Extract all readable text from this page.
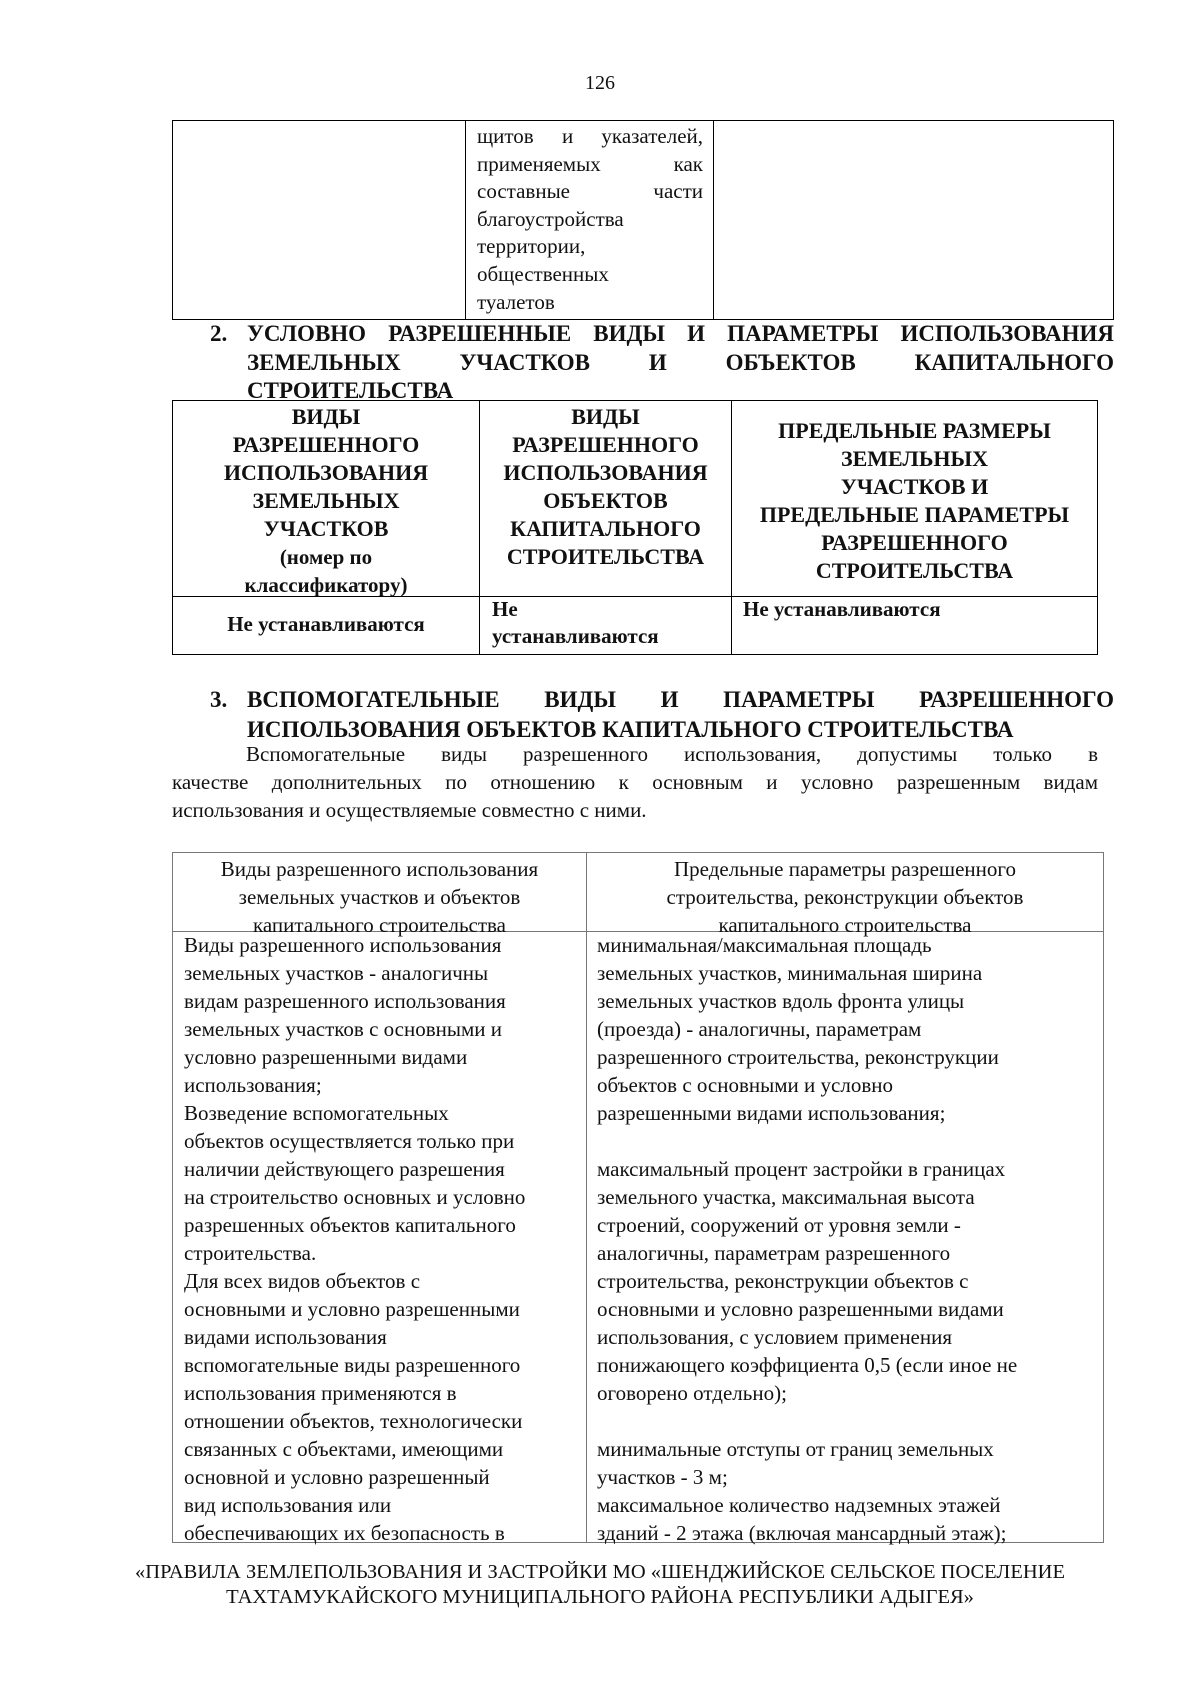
126
щитов и указателей,
применяемых как
составные части
благоустройства
территории,
общественных
туалетов
2. УСЛОВНО РАЗРЕШЕННЫЕ ВИДЫ И ПАРАМЕТРЫ ИСПОЛЬЗОВАНИЯ
ЗЕМЕЛЬНЫХ УЧАСТКОВ И ОБЪЕКТОВ КАПИТАЛЬНОГО
СТРОИТЕЛЬСТВА
ВИДЫ
РАЗРЕШЕННОГО
ИСПОЛЬЗОВАНИЯ
ЗЕМЕЛЬНЫХ
УЧАСТКОВ
(номер по
классификатору)
ВИДЫ
РАЗРЕШЕННОГО
ИСПОЛЬЗОВАНИЯ
ОБЪЕКТОВ
КАПИТАЛЬНОГО
СТРОИТЕЛЬСТВА
ПРЕДЕЛЬНЫЕ РАЗМЕРЫ
ЗЕМЕЛЬНЫХ
УЧАСТКОВ И
ПРЕДЕЛЬНЫЕ ПАРАМЕТРЫ
РАЗРЕШЕННОГО
СТРОИТЕЛЬСТВА
Не устанавливаются
Не
устанавливаются
Не устанавливаются
3. ВСПОМОГАТЕЛЬНЫЕ ВИДЫ И ПАРАМЕТРЫ РАЗРЕШЕННОГО
ИСПОЛЬЗОВАНИЯ ОБЪЕКТОВ КАПИТАЛЬНОГО СТРОИТЕЛЬСТВА
Вспомогательные виды разрешенного использования, допустимы только в
качестве дополнительных по отношению к основным и условно разрешенным видам
использования и осуществляемые совместно с ними.
Виды разрешенного использования
земельных участков и объектов
капитального строительства
Предельные параметры разрешенного
строительства, реконструкции объектов
капитального строительства
Виды разрешенного использования
земельных участков - аналогичны
видам разрешенного использования
земельных участков с основными и
условно разрешенными видами
использования;
Возведение вспомогательных
объектов осуществляется только при
наличии действующего разрешения
на строительство основных и условно
разрешенных объектов капитального
строительства.
Для всех видов объектов с
основными и условно разрешенными
видами использования
вспомогательные виды разрешенного
использования применяются в
отношении объектов, технологически
связанных с объектами, имеющими
основной и условно разрешенный
вид использования или
обеспечивающих их безопасность в
минимальная/максимальная площадь
земельных участков, минимальная ширина
земельных участков вдоль фронта улицы
(проезда) - аналогичны, параметрам
разрешенного строительства, реконструкции
объектов с основными и условно
разрешенными видами использования;
максимальный процент застройки в границах
земельного участка, максимальная высота
строений, сооружений от уровня земли -
аналогичны, параметрам разрешенного
строительства, реконструкции объектов с
основными и условно разрешенными видами
использования, с условием применения
понижающего коэффициента 0,5 (если иное не
оговорено отдельно);
минимальные отступы от границ земельных
участков - 3 м;
максимальное количество надземных этажей
зданий - 2 этажа (включая мансардный этаж);
«ПРАВИЛА ЗЕМЛЕПОЛЬЗОВАНИЯ И ЗАСТРОЙКИ МО «ШЕНДЖИЙСКОЕ СЕЛЬСКОЕ ПОСЕЛЕНИЕ
ТАХТАМУКАЙСКОГО МУНИЦИПАЛЬНОГО РАЙОНА РЕСПУБЛИКИ АДЫГЕЯ»
